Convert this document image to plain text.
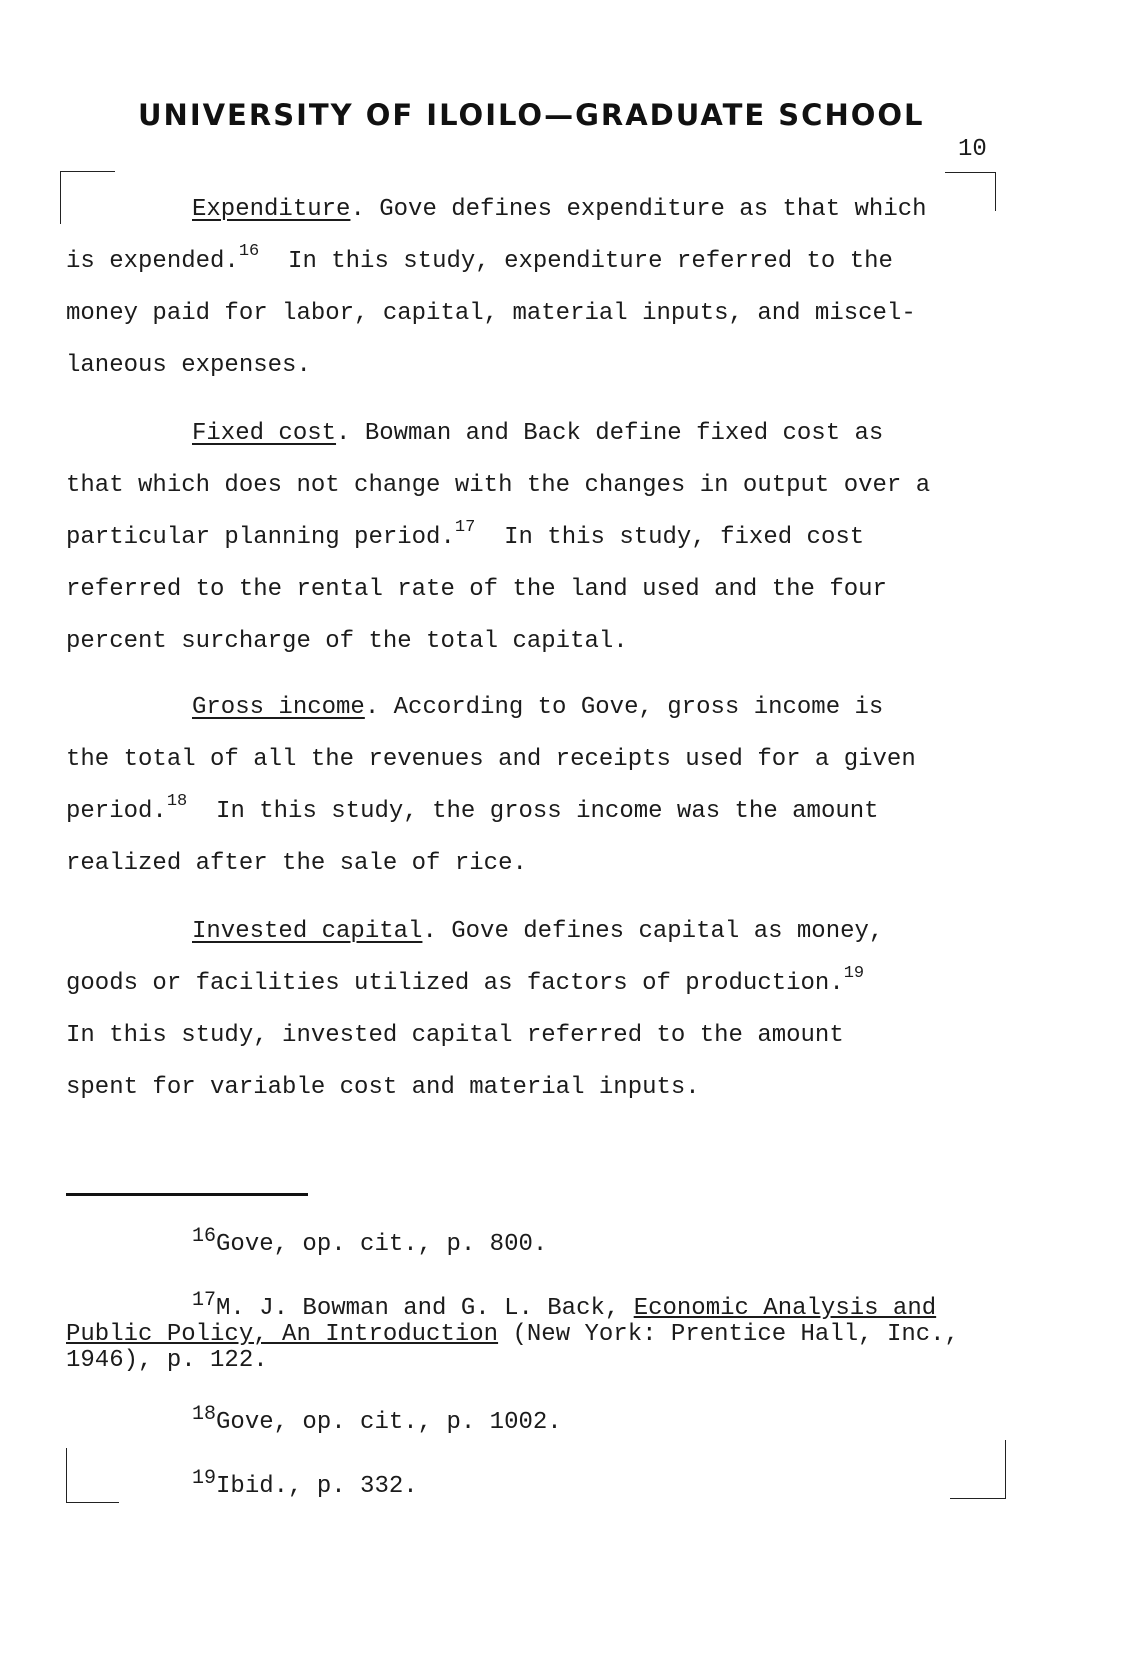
UNIVERSITY OF ILOILO—GRADUATE SCHOOL
10
Expenditure. Gove defines expenditure as that which
is expended.$^{16}$ In this study, expenditure referred to the
money paid for labor, capital, material inputs, and miscel-
laneous expenses.
Fixed cost. Bowman and Back define fixed cost as
that which does not change with the changes in output over a
particular planning period.$^{17}$ In this study, fixed cost
referred to the rental rate of the land used and the four
percent surcharge of the total capital.
Gross income. According to Gove, gross income is
the total of all the revenues and receipts used for a given
period.$^{18}$ In this study, the gross income was the amount
realized after the sale of rice.
Invested capital. Gove defines capital as money,
goods or facilities utilized as factors of production.$^{19}$
In this study, invested capital referred to the amount
spent for variable cost and material inputs.
$^{16}$Gove, op. cit., p. 800.
$^{17}$M. J. Bowman and G. L. Back, Economic Analysis and
Public Policy, An Introduction (New York: Prentice Hall, Inc.,
1946), p. 122.
$^{18}$Gove, op. cit., p. 1002.
$^{19}$Ibid., p. 332.
